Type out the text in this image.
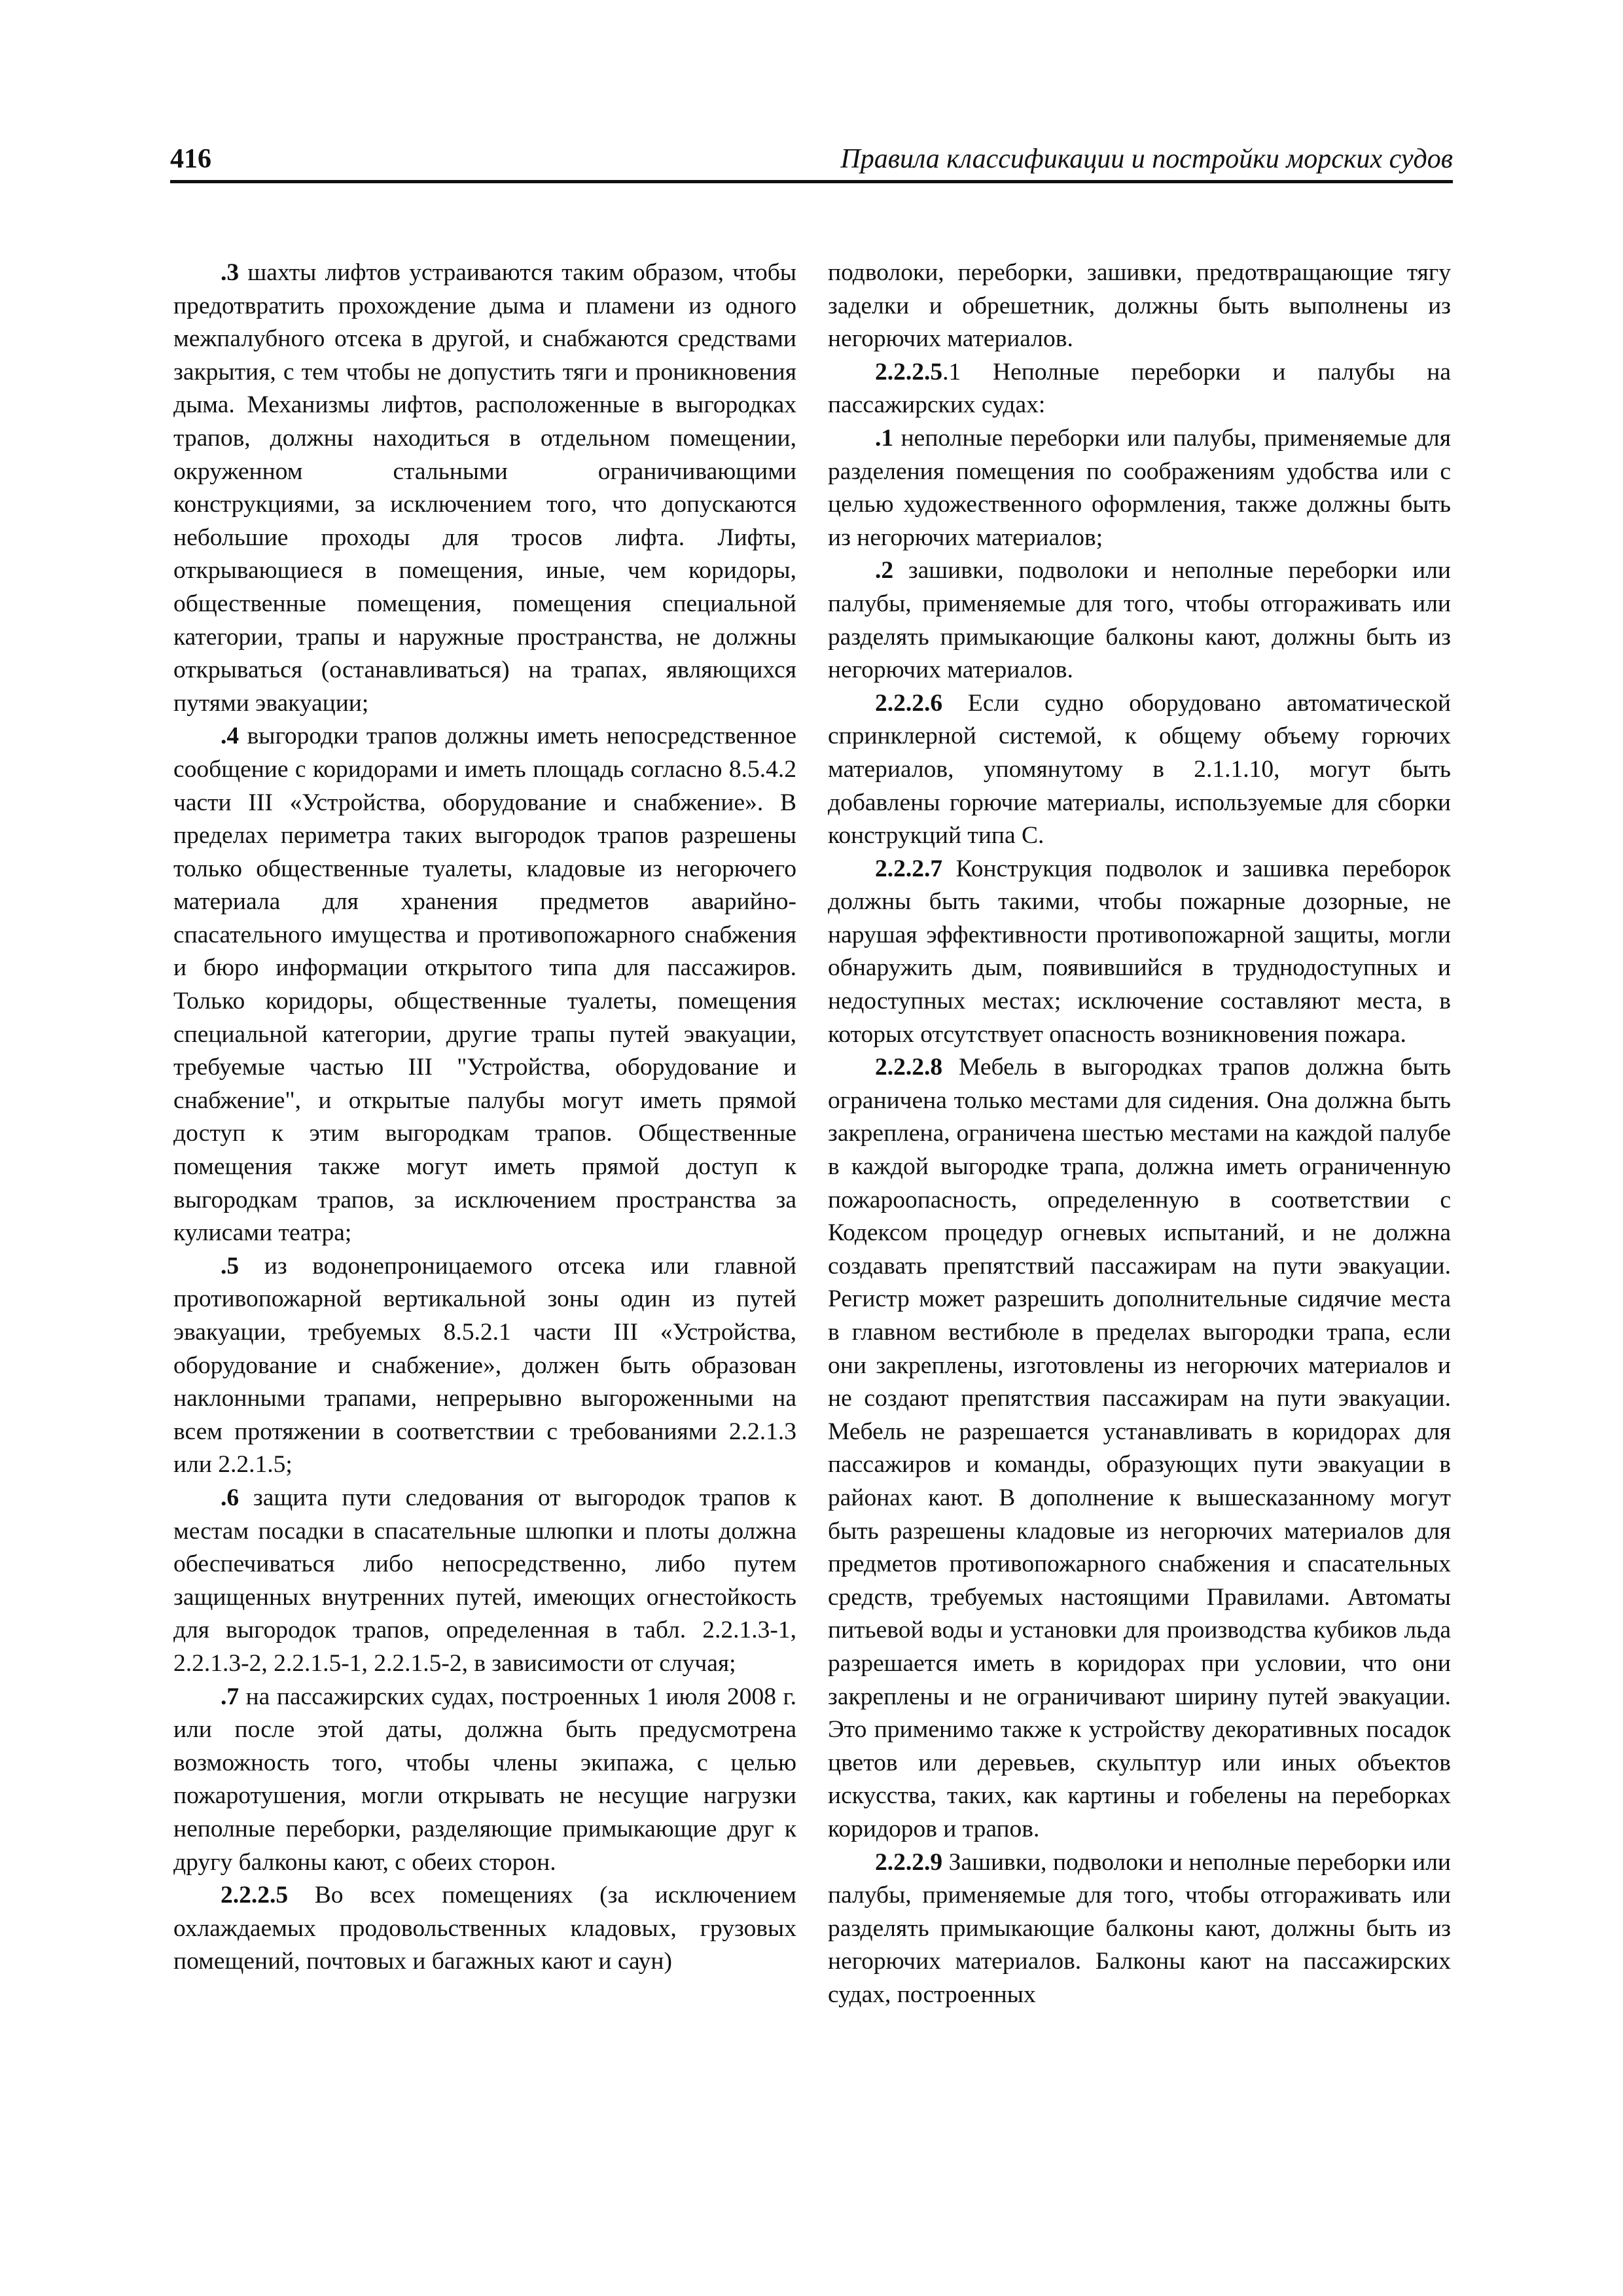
416	Правила классификации и постройки морских судов

.3 шахты лифтов устраиваются таким образом, чтобы предотвратить прохождение дыма и пламени из одного межпалубного отсека в другой, и снабжаются средствами закрытия, с тем чтобы не допустить тяги и проникновения дыма. Механизмы лифтов, расположенные в выгородках трапов, должны находиться в отдельном помещении, окруженном стальными ограничивающими конструкциями, за исключением того, что допускаются небольшие проходы для тросов лифта. Лифты, открывающиеся в помещения, иные, чем коридоры, общественные помещения, помещения специальной категории, трапы и наружные пространства, не должны открываться (останавливаться) на трапах, являющихся путями эвакуации;

.4 выгородки трапов должны иметь непосредственное сообщение с коридорами и иметь площадь согласно 8.5.4.2 части III «Устройства, оборудование и снабжение». В пределах периметра таких выгородок трапов разрешены только общественные туалеты, кладовые из негорючего материала для хранения предметов аварийно-спасательного имущества и противопожарного снабжения и бюро информации открытого типа для пассажиров. Только коридоры, общественные туалеты, помещения специальной категории, другие трапы путей эвакуации, требуемые частью III "Устройства, оборудование и снабжение", и открытые палубы могут иметь прямой доступ к этим выгородкам трапов. Общественные помещения также могут иметь прямой доступ к выгородкам трапов, за исключением пространства за кулисами театра;

.5 из водонепроницаемого отсека или главной противопожарной вертикальной зоны один из путей эвакуации, требуемых 8.5.2.1 части III «Устройства, оборудование и снабжение», должен быть образован наклонными трапами, непрерывно выгороженными на всем протяжении в соответствии с требованиями 2.2.1.3 или 2.2.1.5;

.6 защита пути следования от выгородок трапов к местам посадки в спасательные шлюпки и плоты должна обеспечиваться либо непосредственно, либо путем защищенных внутренних путей, имеющих огнестойкость для выгородок трапов, определенная в табл. 2.2.1.3-1, 2.2.1.3-2, 2.2.1.5-1, 2.2.1.5-2, в зависимости от случая;

.7 на пассажирских судах, построенных 1 июля 2008 г. или после этой даты, должна быть предусмотрена возможность того, чтобы члены экипажа, с целью пожаротушения, могли открывать не несущие нагрузки неполные переборки, разделяющие примыкающие друг к другу балконы кают, с обеих сторон.

2.2.2.5 Во всех помещениях (за исключением охлаждаемых продовольственных кладовых, грузовых помещений, почтовых и багажных кают и саун)

подволоки, переборки, зашивки, предотвращающие тягу заделки и обрешетник, должны быть выполнены из негорючих материалов.

2.2.2.5.1 Неполные переборки и палубы на пассажирских судах:

.1 неполные переборки или палубы, применяемые для разделения помещения по соображениям удобства или с целью художественного оформления, также должны быть из негорючих материалов;

.2 зашивки, подволоки и неполные переборки или палубы, применяемые для того, чтобы отгораживать или разделять примыкающие балконы кают, должны быть из негорючих материалов.

2.2.2.6 Если судно оборудовано автоматической спринклерной системой, к общему объему горючих материалов, упомянутому в 2.1.1.10, могут быть добавлены горючие материалы, используемые для сборки конструкций типа С.

2.2.2.7 Конструкция подволок и зашивка переборок должны быть такими, чтобы пожарные дозорные, не нарушая эффективности противопожарной защиты, могли обнаружить дым, появившийся в труднодоступных и недоступных местах; исключение составляют места, в которых отсутствует опасность возникновения пожара.

2.2.2.8 Мебель в выгородках трапов должна быть ограничена только местами для сидения. Она должна быть закреплена, ограничена шестью местами на каждой палубе в каждой выгородке трапа, должна иметь ограниченную пожароопасность, определенную в соответствии с Кодексом процедур огневых испытаний, и не должна создавать препятствий пассажирам на пути эвакуации. Регистр может разрешить дополнительные сидячие места в главном вестибюле в пределах выгородки трапа, если они закреплены, изготовлены из негорючих материалов и не создают препятствия пассажирам на пути эвакуации. Мебель не разрешается устанавливать в коридорах для пассажиров и команды, образующих пути эвакуации в районах кают. В дополнение к вышесказанному могут быть разрешены кладовые из негорючих материалов для предметов противопожарного снабжения и спасательных средств, требуемых настоящими Правилами. Автоматы питьевой воды и установки для производства кубиков льда разрешается иметь в коридорах при условии, что они закреплены и не ограничивают ширину путей эвакуации. Это применимо также к устройству декоративных посадок цветов или деревьев, скульптур или иных объектов искусства, таких, как картины и гобелены на переборках коридоров и трапов.

2.2.2.9 Зашивки, подволоки и неполные переборки или палубы, применяемые для того, чтобы отгораживать или разделять примыкающие балконы кают, должны быть из негорючих материалов. Балконы кают на пассажирских судах, построенных
